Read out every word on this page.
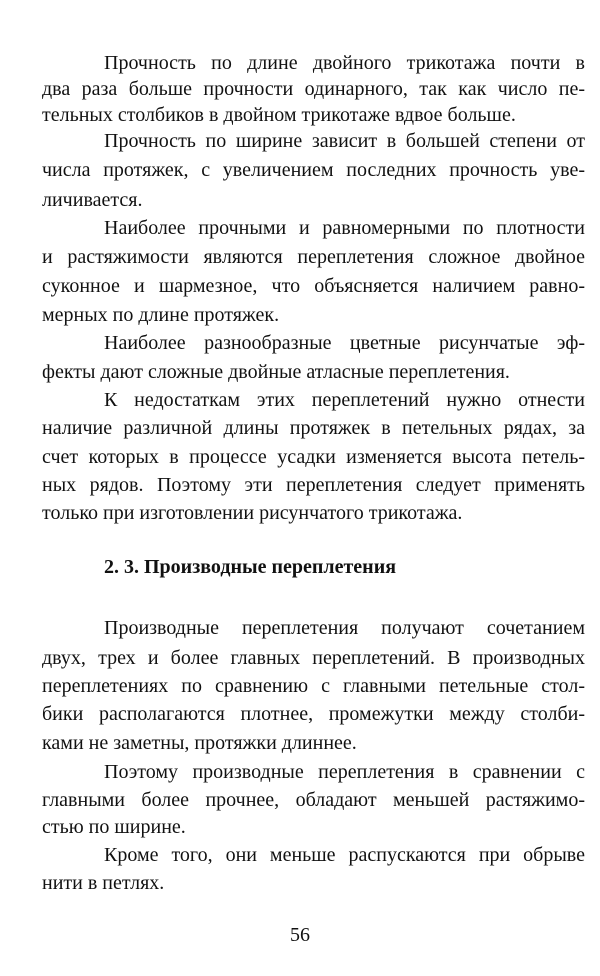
Прочность по длине двойного трикотажа почти в
два раза больше прочности одинарного, так как число пе-
тельных столбиков в двойном трикотаже вдвое больше.
Прочность по ширине зависит в большей степени от
числа протяжек, с увеличением последних прочность уве-
личивается.
Наиболее прочными и равномерными по плотности
и растяжимости являются переплетения сложное двойное
суконное и шармезное, что объясняется наличием равно-
мерных по длине протяжек.
Наиболее разнообразные цветные рисунчатые эф-
фекты дают сложные двойные атласные переплетения.
К недостаткам этих переплетений нужно отнести
наличие различной длины протяжек в петельных рядах, за
счет которых в процессе усадки изменяется высота петель-
ных рядов. Поэтому эти переплетения следует применять
только при изготовлении рисунчатого трикотажа.
Производные переплетения получают сочетанием
двух, трех и более главных переплетений. В производных
переплетениях по сравнению с главными петельные стол-
бики располагаются плотнее, промежутки между столби-
ками не заметны, протяжки длиннее.
Поэтому производные переплетения в сравнении с
главными более прочнее, обладают меньшей растяжимо-
стью по ширине.
Кроме того, они меньше распускаются при обрыве
нити в петлях.
2. 3. Производные переплетения
56
